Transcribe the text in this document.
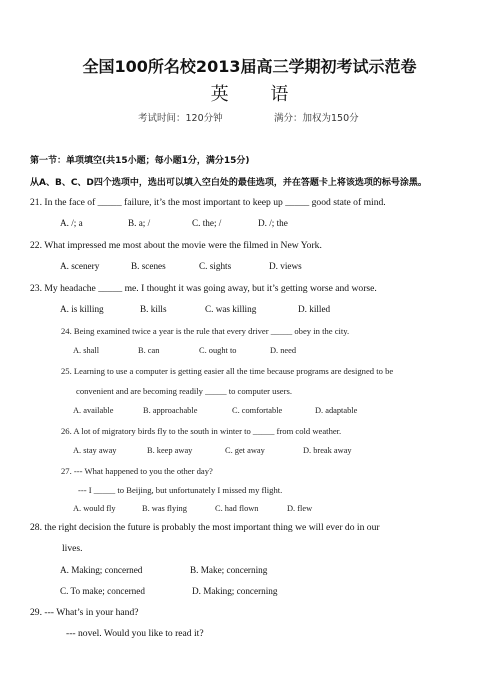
全国100所名校2013届高三学期初考试示范卷
英 语
考试时间：120分钟	满分：加权为150分
第一节：单项填空(共15小题；每小题1分，满分15分)
从A、B、C、D四个选项中，选出可以填入空白处的最佳选项，并在答题卡上将该选项的标号涂黑。
21. In the face of _____ failure, it’s the most important to keep up _____ good state of mind.
A. /; a	B. a; /	C. the; /	D. /; the
22. What impressed me most about the movie were the filmed in New York.
A. scenery	B. scenes	C. sights	D. views
23. My headache _____ me. I thought it was going away, but it’s getting worse and worse.
A. is killing	B. kills	C. was killing	D. killed
24. Being examined twice a year is the rule that every driver _____ obey in the city.
A. shall	B. can	C. ought to	D. need
25. Learning to use a computer is getting easier all the time because programs are designed to be
convenient and are becoming readily _____ to computer users.
A. available	B. approachable	C. comfortable	D. adaptable
26. A lot of migratory birds fly to the south in winter to _____ from cold weather.
A. stay away	B. keep away	C. get away	D. break away
27. --- What happened to you the other day?
--- I _____ to Beijing, but unfortunately I missed my flight.
A. would fly	B. was flying	C. had flown	D. flew
28. the right decision the future is probably the most important thing we will ever do in our
lives.
A. Making; concerned	B. Make; concerning
C. To make; concerned	D. Making; concerning
29. --- What’s in your hand?
--- novel. Would you like to read it?
